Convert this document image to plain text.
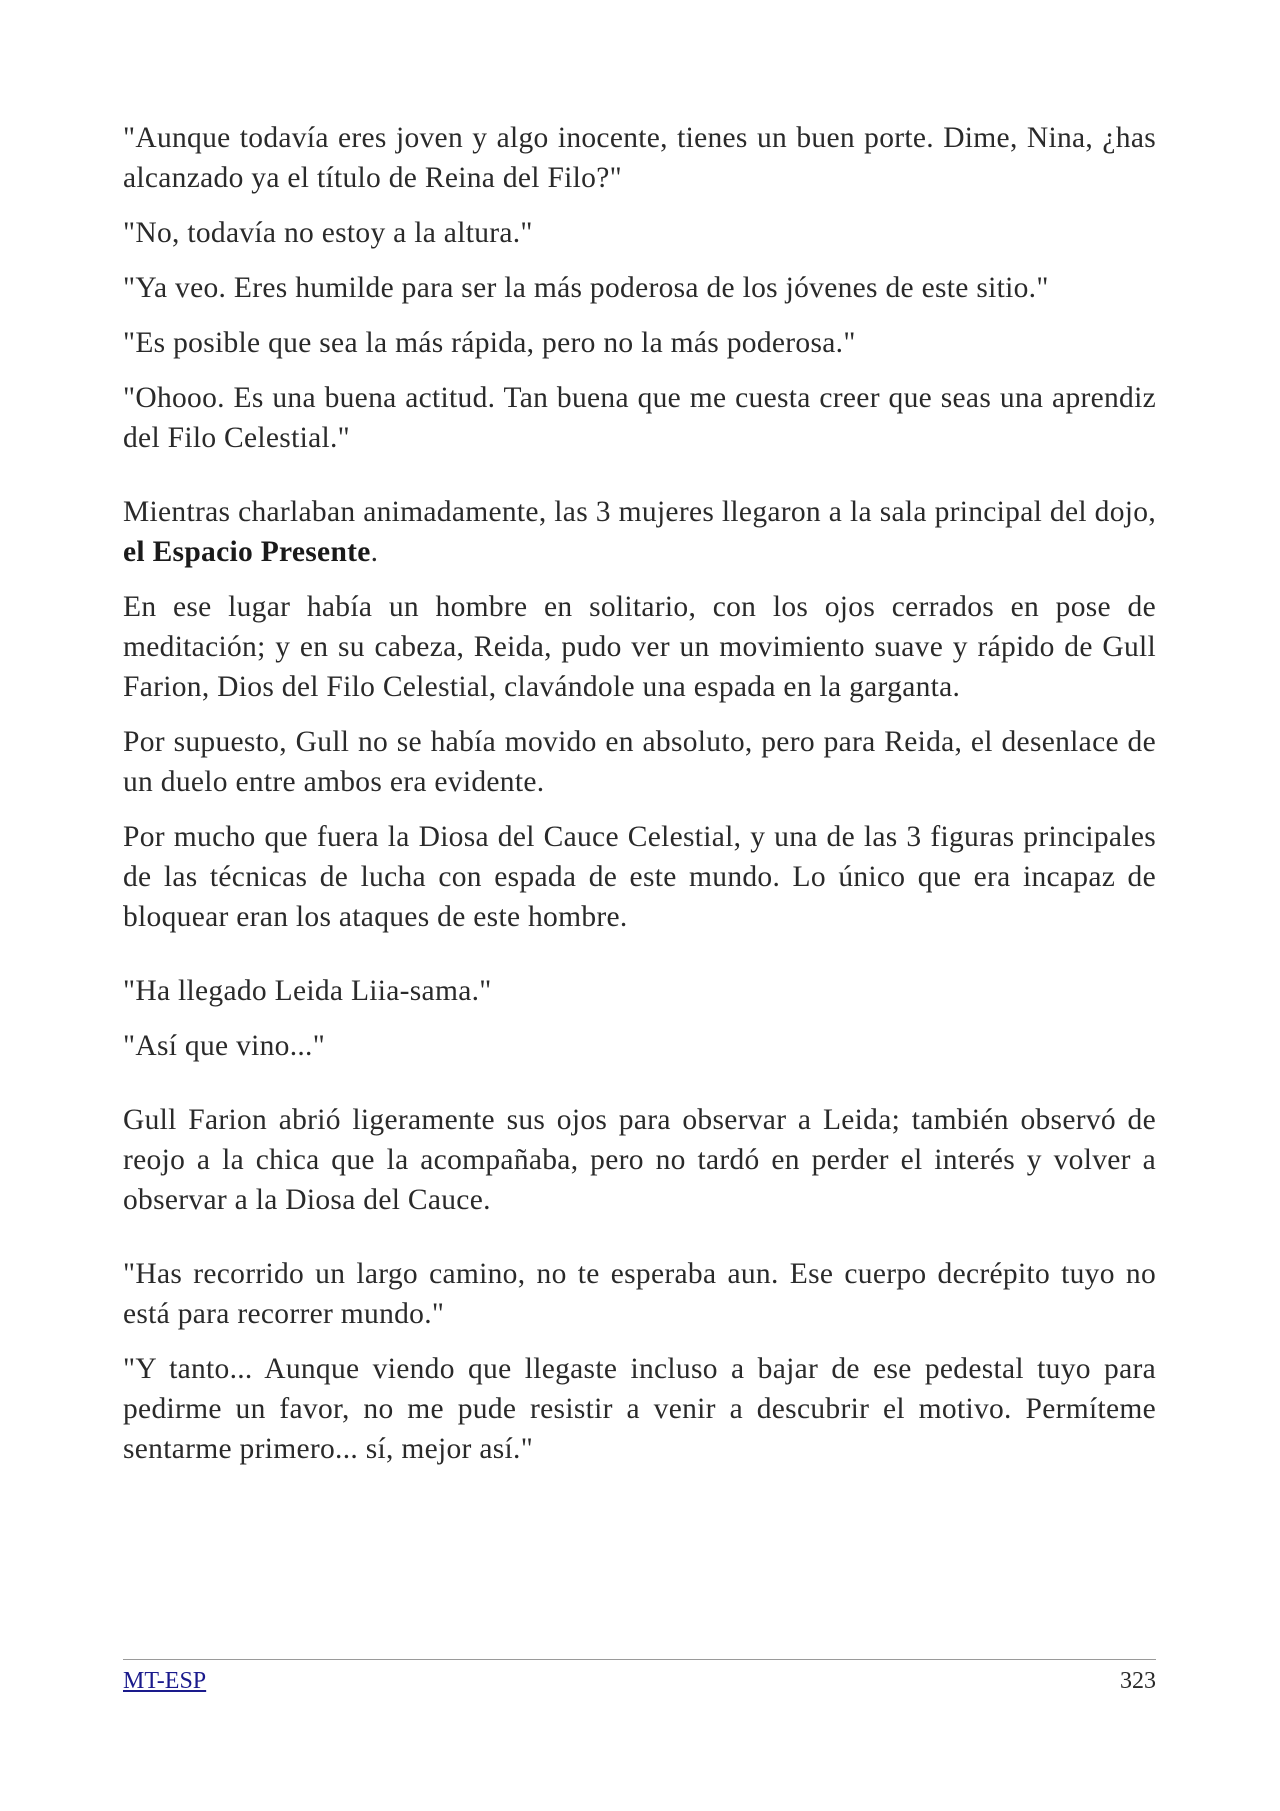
"Aunque todavía eres joven y algo inocente, tienes un buen porte. Dime, Nina, ¿has alcanzado ya el título de Reina del Filo?"

"No, todavía no estoy a la altura."

"Ya veo. Eres humilde para ser la más poderosa de los jóvenes de este sitio."

"Es posible que sea la más rápida, pero no la más poderosa."

"Ohooo. Es una buena actitud. Tan buena que me cuesta creer que seas una aprendiz del Filo Celestial."

Mientras charlaban animadamente, las 3 mujeres llegaron a la sala principal del dojo, el Espacio Presente.

En ese lugar había un hombre en solitario, con los ojos cerrados en pose de meditación; y en su cabeza, Reida, pudo ver un movimiento suave y rápido de Gull Farion, Dios del Filo Celestial, clavándole una espada en la garganta.

Por supuesto, Gull no se había movido en absoluto, pero para Reida, el desenlace de un duelo entre ambos era evidente.

Por mucho que fuera la Diosa del Cauce Celestial, y una de las 3 figuras principales de las técnicas de lucha con espada de este mundo. Lo único que era incapaz de bloquear eran los ataques de este hombre.

"Ha llegado Leida Liia-sama."

"Así que vino..."

Gull Farion abrió ligeramente sus ojos para observar a Leida; también observó de reojo a la chica que la acompañaba, pero no tardó en perder el interés y volver a observar a la Diosa del Cauce.

"Has recorrido un largo camino, no te esperaba aun. Ese cuerpo decrépito tuyo no está para recorrer mundo."

"Y tanto... Aunque viendo que llegaste incluso a bajar de ese pedestal tuyo para pedirme un favor, no me pude resistir a venir a descubrir el motivo. Permíteme sentarme primero... sí, mejor así."

MT-ESP	323
